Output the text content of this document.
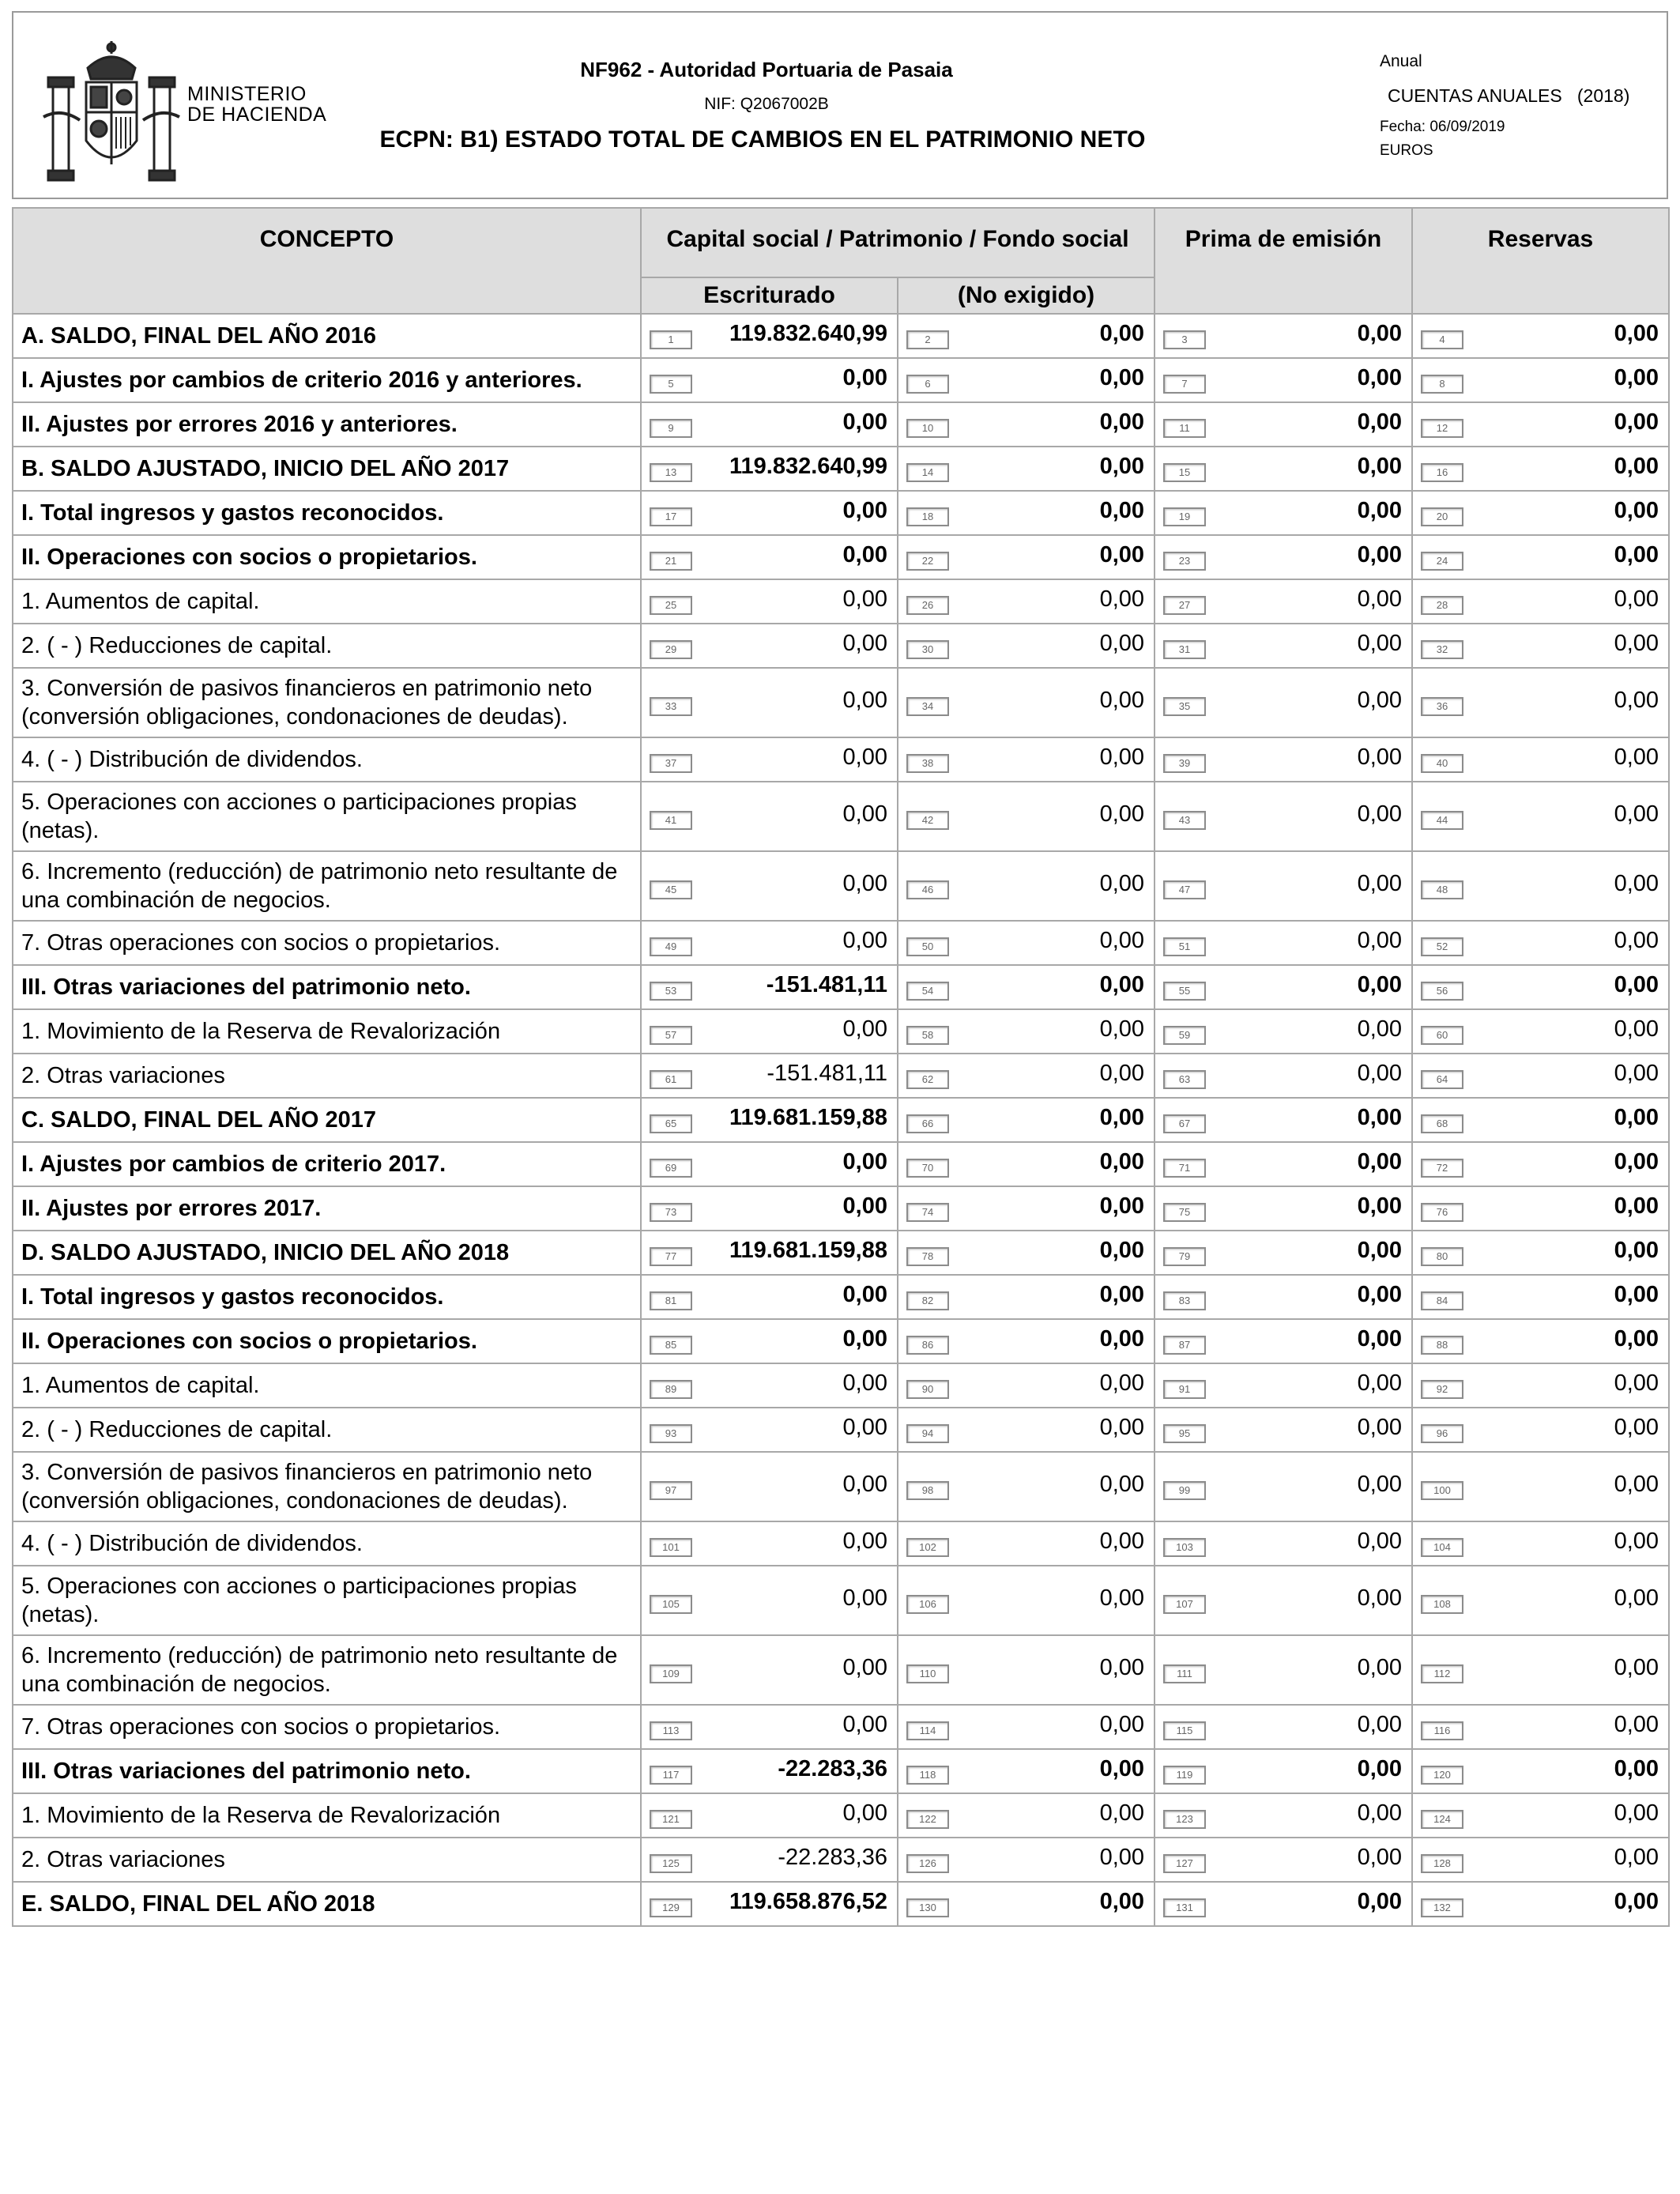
MINISTERIO
DE HACIENDA
NF962 - Autoridad Portuaria de Pasaia
NIF: Q2067002B
ECPN: B1) ESTADO TOTAL DE CAMBIOS EN EL PATRIMONIO NETO
Anual
CUENTAS ANUALES (2018)
Fecha: 06/09/2019
EUROS
CONCEPTO	Capital social / Patrimonio / Fondo social		Prima de emisión	Reservas
	Escriturado	(No exigido)		
A. SALDO, FINAL DEL AÑO 2016	1 119.832.640,99	2 0,00	3 0,00	4 0,00

I. Ajustes por cambios de criterio 2016 y anteriores.	5 0,00	6 0,00	7 0,00	8 0,00

II. Ajustes por errores 2016 y anteriores.	9 0,00	10 0,00	11 0,00	12 0,00

B. SALDO AJUSTADO, INICIO DEL AÑO 2017	13 119.832.640,99	14 0,00	15 0,00	16 0,00

I. Total ingresos y gastos reconocidos.	17 0,00	18 0,00	19 0,00	20 0,00

II. Operaciones con socios o propietarios.	21 0,00	22 0,00	23 0,00	24 0,00

1. Aumentos de capital.	25 0,00	26 0,00	27 0,00	28 0,00

2. ( - ) Reducciones de capital.	29 0,00	30 0,00	31 0,00	32 0,00

3. Conversión de pasivos financieros en patrimonio neto (conversión obligaciones, condonaciones de deudas).	33 0,00	34 0,00	35 0,00	36 0,00

4. ( - ) Distribución de dividendos.	37 0,00	38 0,00	39 0,00	40 0,00

5. Operaciones con acciones o participaciones propias (netas).	41 0,00	42 0,00	43 0,00	44 0,00

6. Incremento (reducción) de patrimonio neto resultante de una combinación de negocios.	45 0,00	46 0,00	47 0,00	48 0,00

7. Otras operaciones con socios o propietarios.	49 0,00	50 0,00	51 0,00	52 0,00

III. Otras variaciones del patrimonio neto.	53 -151.481,11	54 0,00	55 0,00	56 0,00

1. Movimiento de la Reserva de Revalorización	57 0,00	58 0,00	59 0,00	60 0,00

2. Otras variaciones	61 -151.481,11	62 0,00	63 0,00	64 0,00

C. SALDO, FINAL DEL AÑO 2017	65 119.681.159,88	66 0,00	67 0,00	68 0,00

I. Ajustes por cambios de criterio 2017.	69 0,00	70 0,00	71 0,00	72 0,00

II. Ajustes por errores 2017.	73 0,00	74 0,00	75 0,00	76 0,00

D. SALDO AJUSTADO, INICIO DEL AÑO 2018	77 119.681.159,88	78 0,00	79 0,00	80 0,00

I. Total ingresos y gastos reconocidos.	81 0,00	82 0,00	83 0,00	84 0,00

II. Operaciones con socios o propietarios.	85 0,00	86 0,00	87 0,00	88 0,00

1. Aumentos de capital.	89 0,00	90 0,00	91 0,00	92 0,00

2. ( - ) Reducciones de capital.	93 0,00	94 0,00	95 0,00	96 0,00

3. Conversión de pasivos financieros en patrimonio neto (conversión obligaciones, condonaciones de deudas).	97 0,00	98 0,00	99 0,00	100 0,00

4. ( - ) Distribución de dividendos.	101 0,00	102 0,00	103 0,00	104 0,00

5. Operaciones con acciones o participaciones propias (netas).	105 0,00	106 0,00	107 0,00	108 0,00

6. Incremento (reducción) de patrimonio neto resultante de una combinación de negocios.	109 0,00	110 0,00	111 0,00	112 0,00

7. Otras operaciones con socios o propietarios.	113 0,00	114 0,00	115 0,00	116 0,00

III. Otras variaciones del patrimonio neto.	117 -22.283,36	118 0,00	119 0,00	120 0,00

1. Movimiento de la Reserva de Revalorización	121 0,00	122 0,00	123 0,00	124 0,00

2. Otras variaciones	125 -22.283,36	126 0,00	127 0,00	128 0,00

E. SALDO, FINAL DEL AÑO 2018	129 119.658.876,52	130 0,00	131 0,00	132 0,00
